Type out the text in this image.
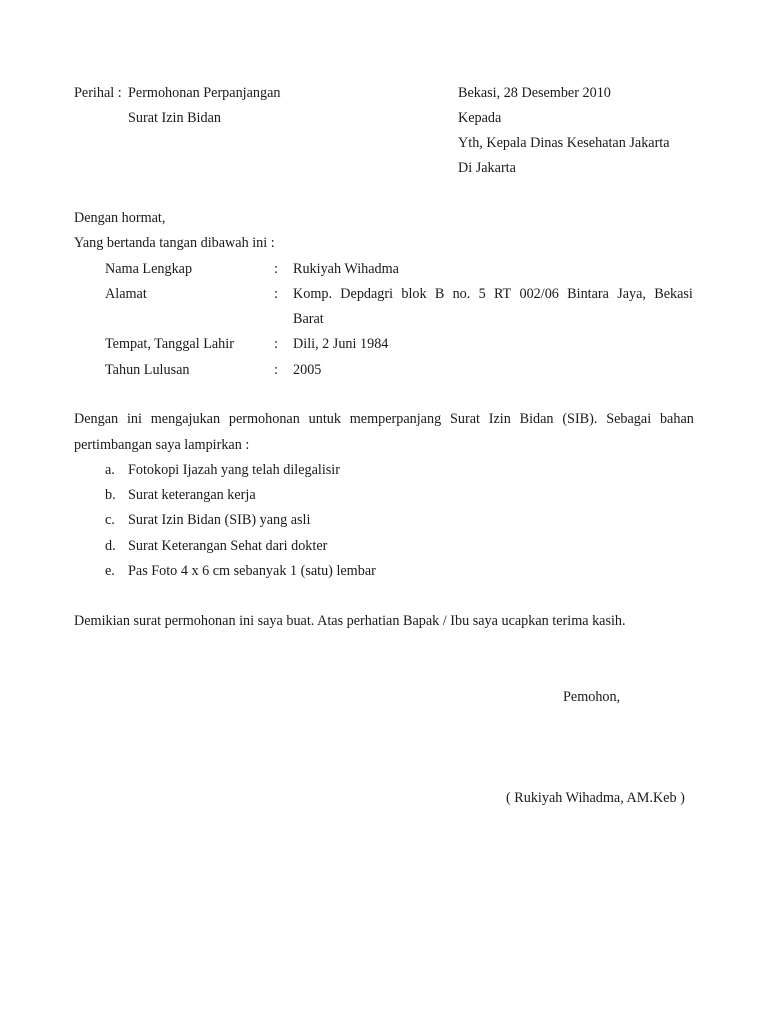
Perihal : Permohonan Perpanjangan
Surat Izin Bidan
Bekasi, 28 Desember 2010
Kepada
Yth, Kepala Dinas Kesehatan Jakarta
Di Jakarta
Dengan hormat,
Yang bertanda tangan dibawah ini :
Nama Lengkap	: Rukiyah Wihadma
Alamat	: Komp. Depdagri blok B no. 5 RT 002/06 Bintara Jaya, Bekasi
Barat
Tempat, Tanggal Lahir	: Dili, 2 Juni 1984
Tahun Lulusan	: 2005
Dengan ini mengajukan permohonan untuk memperpanjang Surat Izin Bidan (SIB). Sebagai bahan
pertimbangan saya lampirkan :
a. Fotokopi Ijazah yang telah dilegalisir
b. Surat keterangan kerja
c. Surat Izin Bidan (SIB) yang asli
d. Surat Keterangan Sehat dari dokter
e. Pas Foto 4 x 6 cm sebanyak 1 (satu) lembar
Demikian surat permohonan ini saya buat. Atas perhatian Bapak / Ibu saya ucapkan terima kasih.
Pemohon,
( Rukiyah Wihadma, AM.Keb )
